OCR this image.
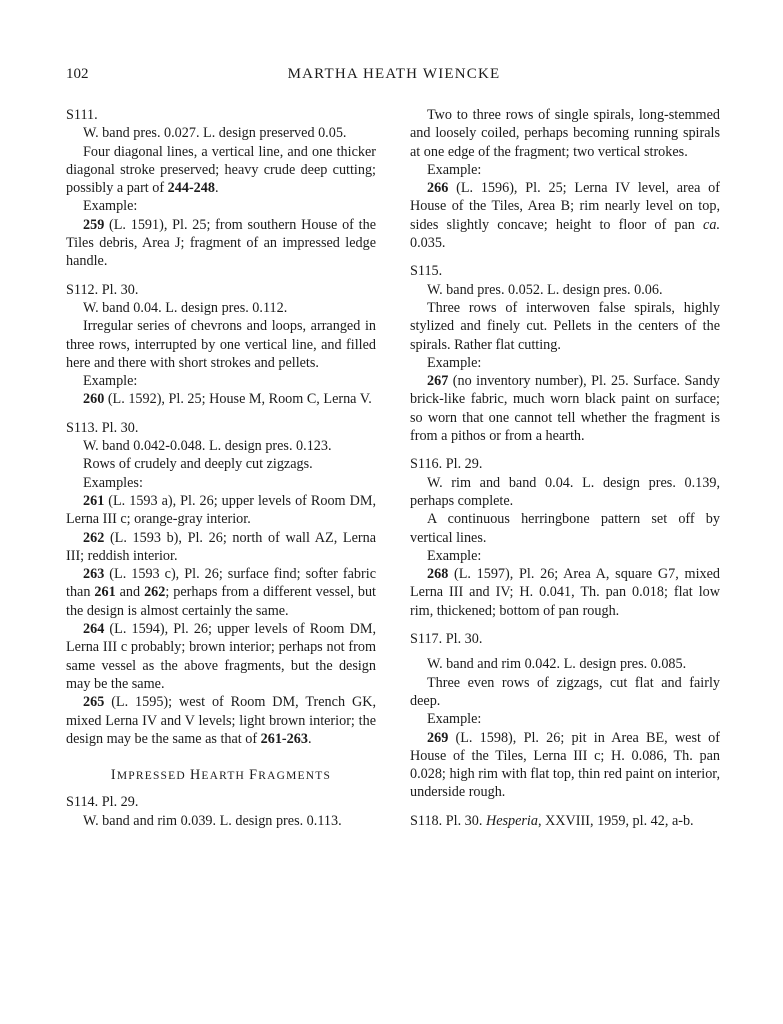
102	MARTHA HEATH WIENCKE

S111.

W. band pres. 0.027. L. design preserved 0.05.

Four diagonal lines, a vertical line, and one thicker diagonal stroke preserved; heavy crude deep cutting; possibly a part of 244-248.

Example:

259 (L. 1591), Pl. 25; from southern House of the Tiles debris, Area J; fragment of an impressed ledge handle.

S112. Pl. 30.

W. band 0.04. L. design pres. 0.112.

Irregular series of chevrons and loops, arranged in three rows, interrupted by one vertical line, and filled here and there with short strokes and pellets.

Example:

260 (L. 1592), Pl. 25; House M, Room C, Lerna V.

S113. Pl. 30.

W. band 0.042-0.048. L. design pres. 0.123.

Rows of crudely and deeply cut zigzags.

Examples:

261 (L. 1593 a), Pl. 26; upper levels of Room DM, Lerna III c; orange-gray interior.

262 (L. 1593 b), Pl. 26; north of wall AZ, Lerna III; reddish interior.

263 (L. 1593 c), Pl. 26; surface find; softer fabric than 261 and 262; perhaps from a different vessel, but the design is almost certainly the same.

264 (L. 1594), Pl. 26; upper levels of Room DM, Lerna III c probably; brown interior; perhaps not from same vessel as the above fragments, but the design may be the same.

265 (L. 1595); west of Room DM, Trench GK, mixed Lerna IV and V levels; light brown interior; the design may be the same as that of 261-263.

IMPRESSED HEARTH FRAGMENTS

S114. Pl. 29.

W. band and rim 0.039. L. design pres. 0.113.

Two to three rows of single spirals, long-stemmed and loosely coiled, perhaps becoming running spirals at one edge of the fragment; two vertical strokes.

Example:

266 (L. 1596), Pl. 25; Lerna IV level, area of House of the Tiles, Area B; rim nearly level on top, sides slightly concave; height to floor of pan ca. 0.035.

S115.

W. band pres. 0.052. L. design pres. 0.06.

Three rows of interwoven false spirals, highly stylized and finely cut. Pellets in the centers of the spirals. Rather flat cutting.

Example:

267 (no inventory number), Pl. 25. Surface. Sandy brick-like fabric, much worn black paint on surface; so worn that one cannot tell whether the fragment is from a pithos or from a hearth.

S116. Pl. 29.

W. rim and band 0.04. L. design pres. 0.139, perhaps complete.

A continuous herringbone pattern set off by vertical lines.

Example:

268 (L. 1597), Pl. 26; Area A, square G7, mixed Lerna III and IV; H. 0.041, Th. pan 0.018; flat low rim, thickened; bottom of pan rough.

S117. Pl. 30.

W. band and rim 0.042. L. design pres. 0.085.

Three even rows of zigzags, cut flat and fairly deep.

Example:

269 (L. 1598), Pl. 26; pit in Area BE, west of House of the Tiles, Lerna III c; H. 0.086, Th. pan 0.028; high rim with flat top, thin red paint on interior, underside rough.

S118. Pl. 30. Hesperia, XXVIII, 1959, pl. 42, a-b.
